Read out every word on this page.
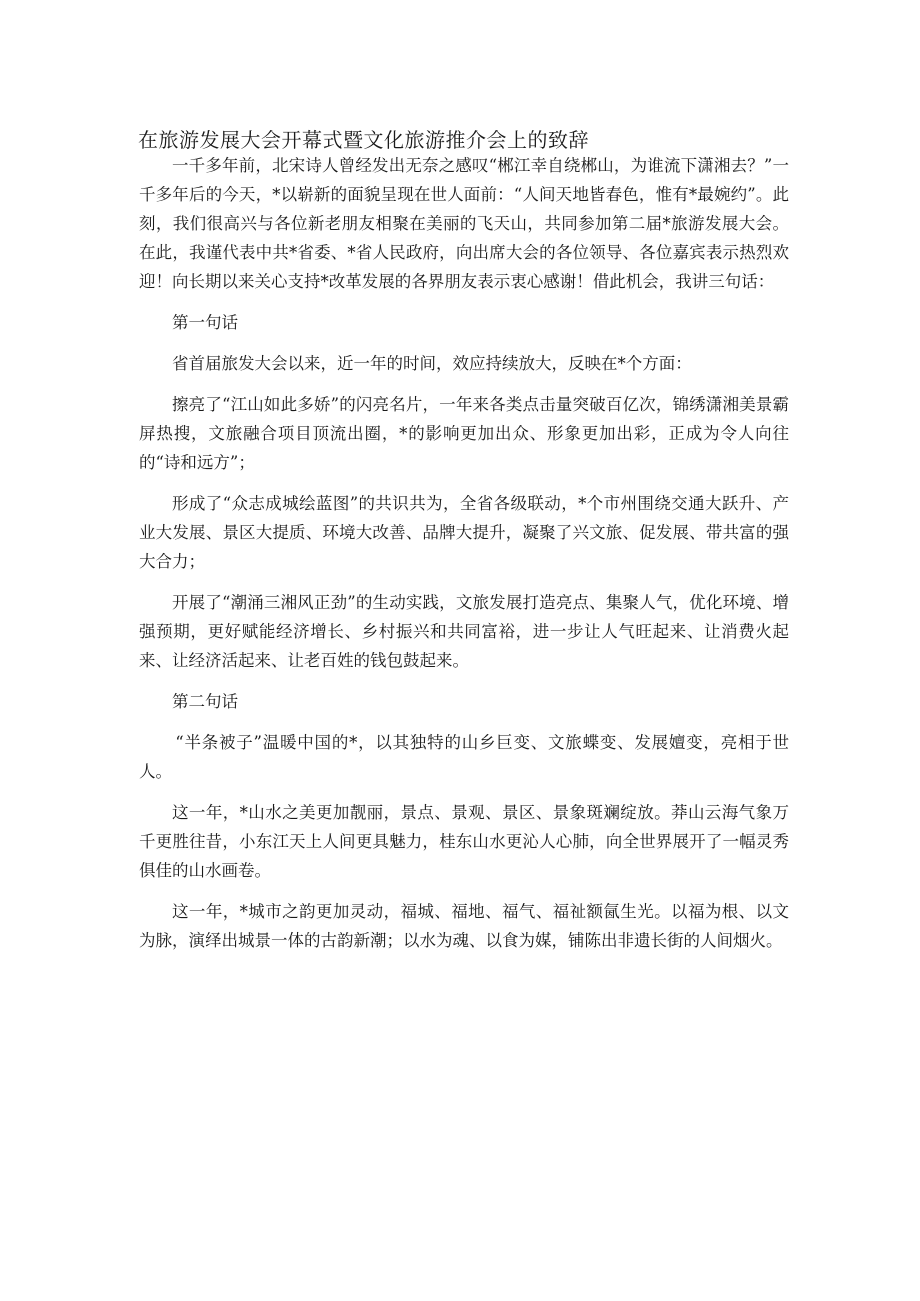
在旅游发展大会开幕式暨文化旅游推介会上的致辞

一千多年前，北宋诗人曾经发出无奈之感叹“郴江幸自绕郴山，为谁流下潇湘去？”一千多年后的今天，*以崭新的面貌呈现在世人面前：“人间天地皆春色，惟有*最婉约”。此刻，我们很高兴与各位新老朋友相聚在美丽的飞天山，共同参加第二届*旅游发展大会。在此，我谨代表中共*省委、*省人民政府，向出席大会的各位领导、各位嘉宾表示热烈欢迎！向长期以来关心支持*改革发展的各界朋友表示衷心感谢！借此机会，我讲三句话：

第一句话

省首届旅发大会以来，近一年的时间，效应持续放大，反映在*个方面：

擦亮了“江山如此多娇”的闪亮名片，一年来各类点击量突破百亿次，锦绣潇湘美景霸屏热搜，文旅融合项目顶流出圈，*的影响更加出众、形象更加出彩，正成为令人向往的“诗和远方”；

形成了“众志成城绘蓝图”的共识共为，全省各级联动，*个市州围绕交通大跃升、产业大发展、景区大提质、环境大改善、品牌大提升，凝聚了兴文旅、促发展、带共富的强大合力；

开展了“潮涌三湘风正劲”的生动实践，文旅发展打造亮点、集聚人气，优化环境、增强预期，更好赋能经济增长、乡村振兴和共同富裕，进一步让人气旺起来、让消费火起来、让经济活起来、让老百姓的钱包鼓起来。

第二句话

“半条被子”温暖中国的*，以其独特的山乡巨变、文旅蝶变、发展嬗变，亮相于世人。

这一年，*山水之美更加靓丽，景点、景观、景区、景象斑斓绽放。莽山云海气象万千更胜往昔，小东江天上人间更具魅力，桂东山水更沁人心肺，向全世界展开了一幅灵秀俱佳的山水画卷。

这一年，*城市之韵更加灵动，福城、福地、福气、福祉额氤生光。以福为根、以文为脉，演绎出城景一体的古韵新潮；以水为魂、以食为媒，铺陈出非遗长街的人间烟火。
